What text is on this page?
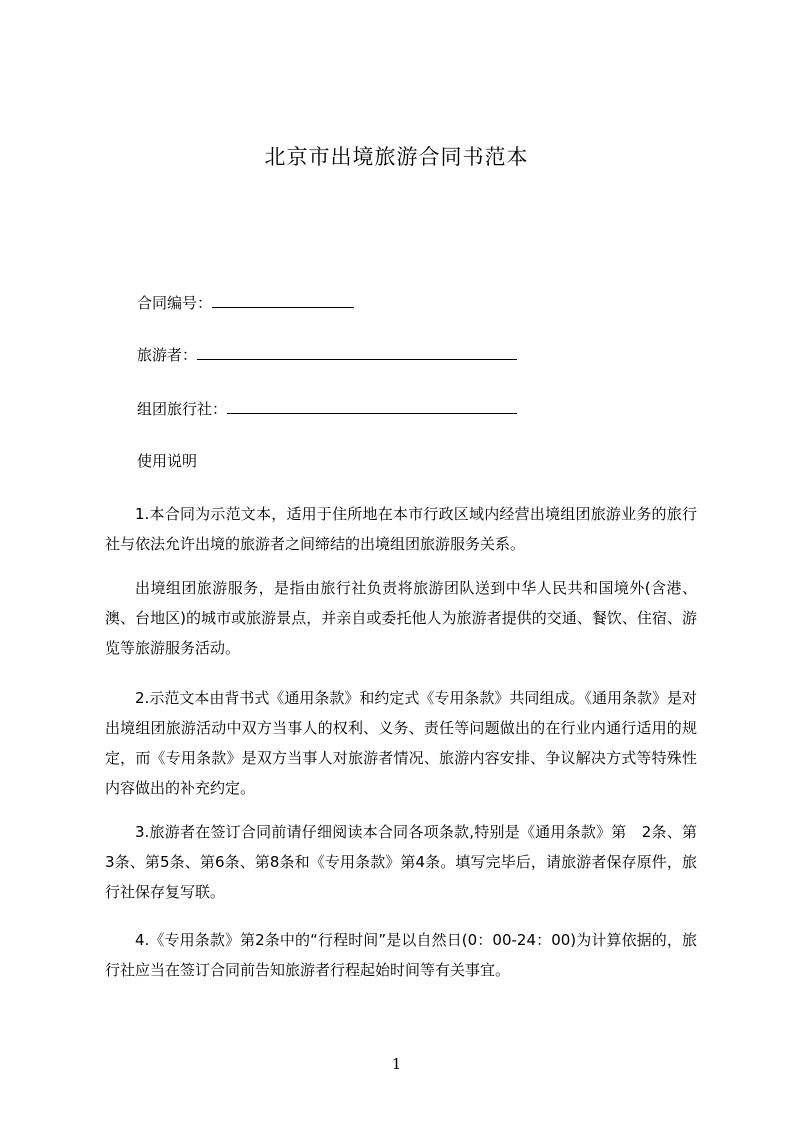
北京市出境旅游合同书范本
合同编号：
旅游者：
组团旅行社：
使用说明
1.本合同为示范文本，适用于住所地在本市行政区域内经营出境组团旅游业务的旅行社与依法允许出境的旅游者之间缔结的出境组团旅游服务关系。
出境组团旅游服务，是指由旅行社负责将旅游团队送到中华人民共和国境外(含港、澳、台地区)的城市或旅游景点，并亲自或委托他人为旅游者提供的交通、餐饮、住宿、游览等旅游服务活动。
2.示范文本由背书式《通用条款》和约定式《专用条款》共同组成。《通用条款》是对出境组团旅游活动中双方当事人的权利、义务、责任等问题做出的在行业内通行适用的规定，而《专用条款》是双方当事人对旅游者情况、旅游内容安排、争议解决方式等特殊性内容做出的补充约定。
3.旅游者在签订合同前请仔细阅读本合同各项条款,特别是《通用条款》第　2条、第3条、第5条、第6条、第8条和《专用条款》第4条。填写完毕后，请旅游者保存原件，旅行社保存复写联。
4.《专用条款》第2条中的“行程时间”是以自然日(0：00-24：00)为计算依据的，旅行社应当在签订合同前告知旅游者行程起始时间等有关事宜。
1
